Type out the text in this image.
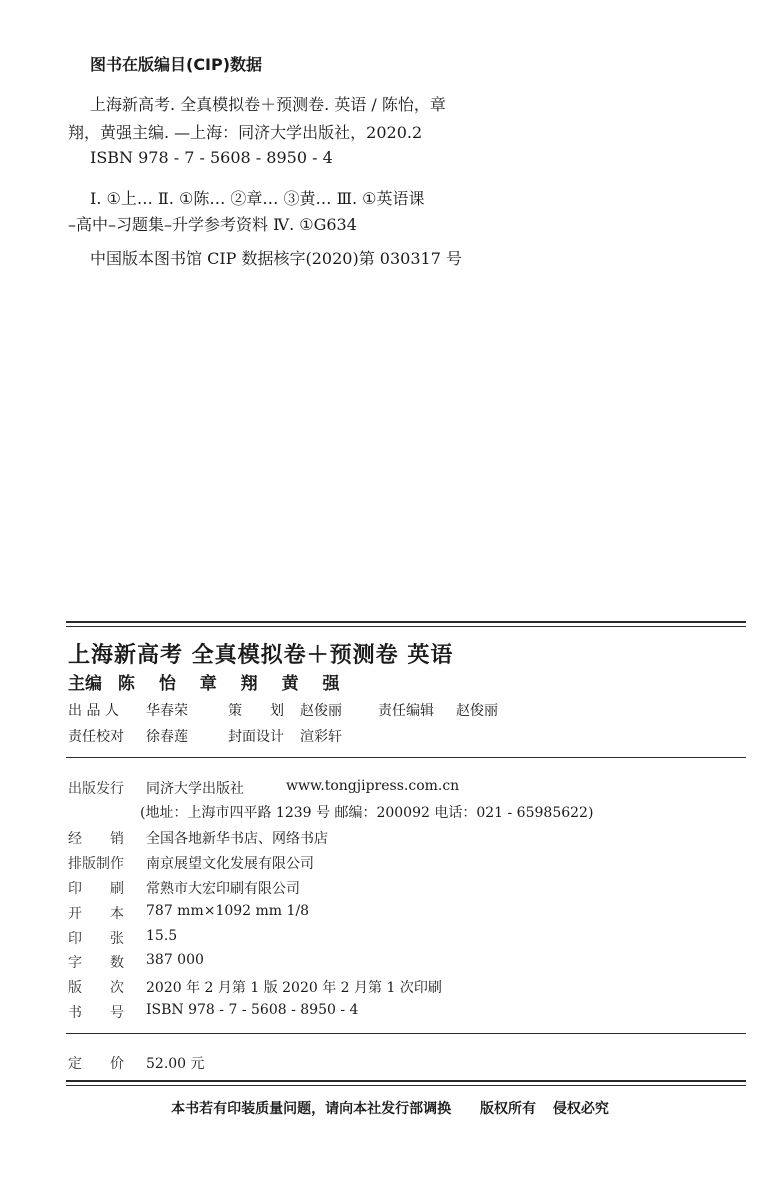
图书在版编目(CIP)数据
上海新高考. 全真模拟卷＋预测卷. 英语 / 陈怡，章
翔，黄强主编. —上海：同济大学出版社，2020.2
ISBN 978 - 7 - 5608 - 8950 - 4
Ⅰ. ①上… Ⅱ. ①陈… ②章… ③黄… Ⅲ. ①英语课
–高中–习题集–升学参考资料 Ⅳ. ①G634
中国版本图书馆 CIP 数据核字(2020)第 030317 号
上海新高考 全真模拟卷＋预测卷 英语
主编 陈 怡 章 翔 黄 强
出 品 人 华春荣	策　　划 赵俊丽	责任编辑 赵俊丽
责任校对 徐春莲	封面设计 渲彩轩
出版发行 同济大学出版社	www.tongjipress.com.cn
(地址：上海市四平路 1239 号 邮编：200092 电话：021 - 65985622)
经　　销 全国各地新华书店、网络书店
排版制作 南京展望文化发展有限公司
印　　刷 常熟市大宏印刷有限公司
开　　本 787 mm×1092 mm 1/8
印　　张 15.5
字　　数 387 000
版　　次 2020 年 2 月第 1 版 2020 年 2 月第 1 次印刷
书　　号 ISBN 978 - 7 - 5608 - 8950 - 4
定　　价 52.00 元
本书若有印装质量问题，请向本社发行部调换 版权所有 侵权必究
